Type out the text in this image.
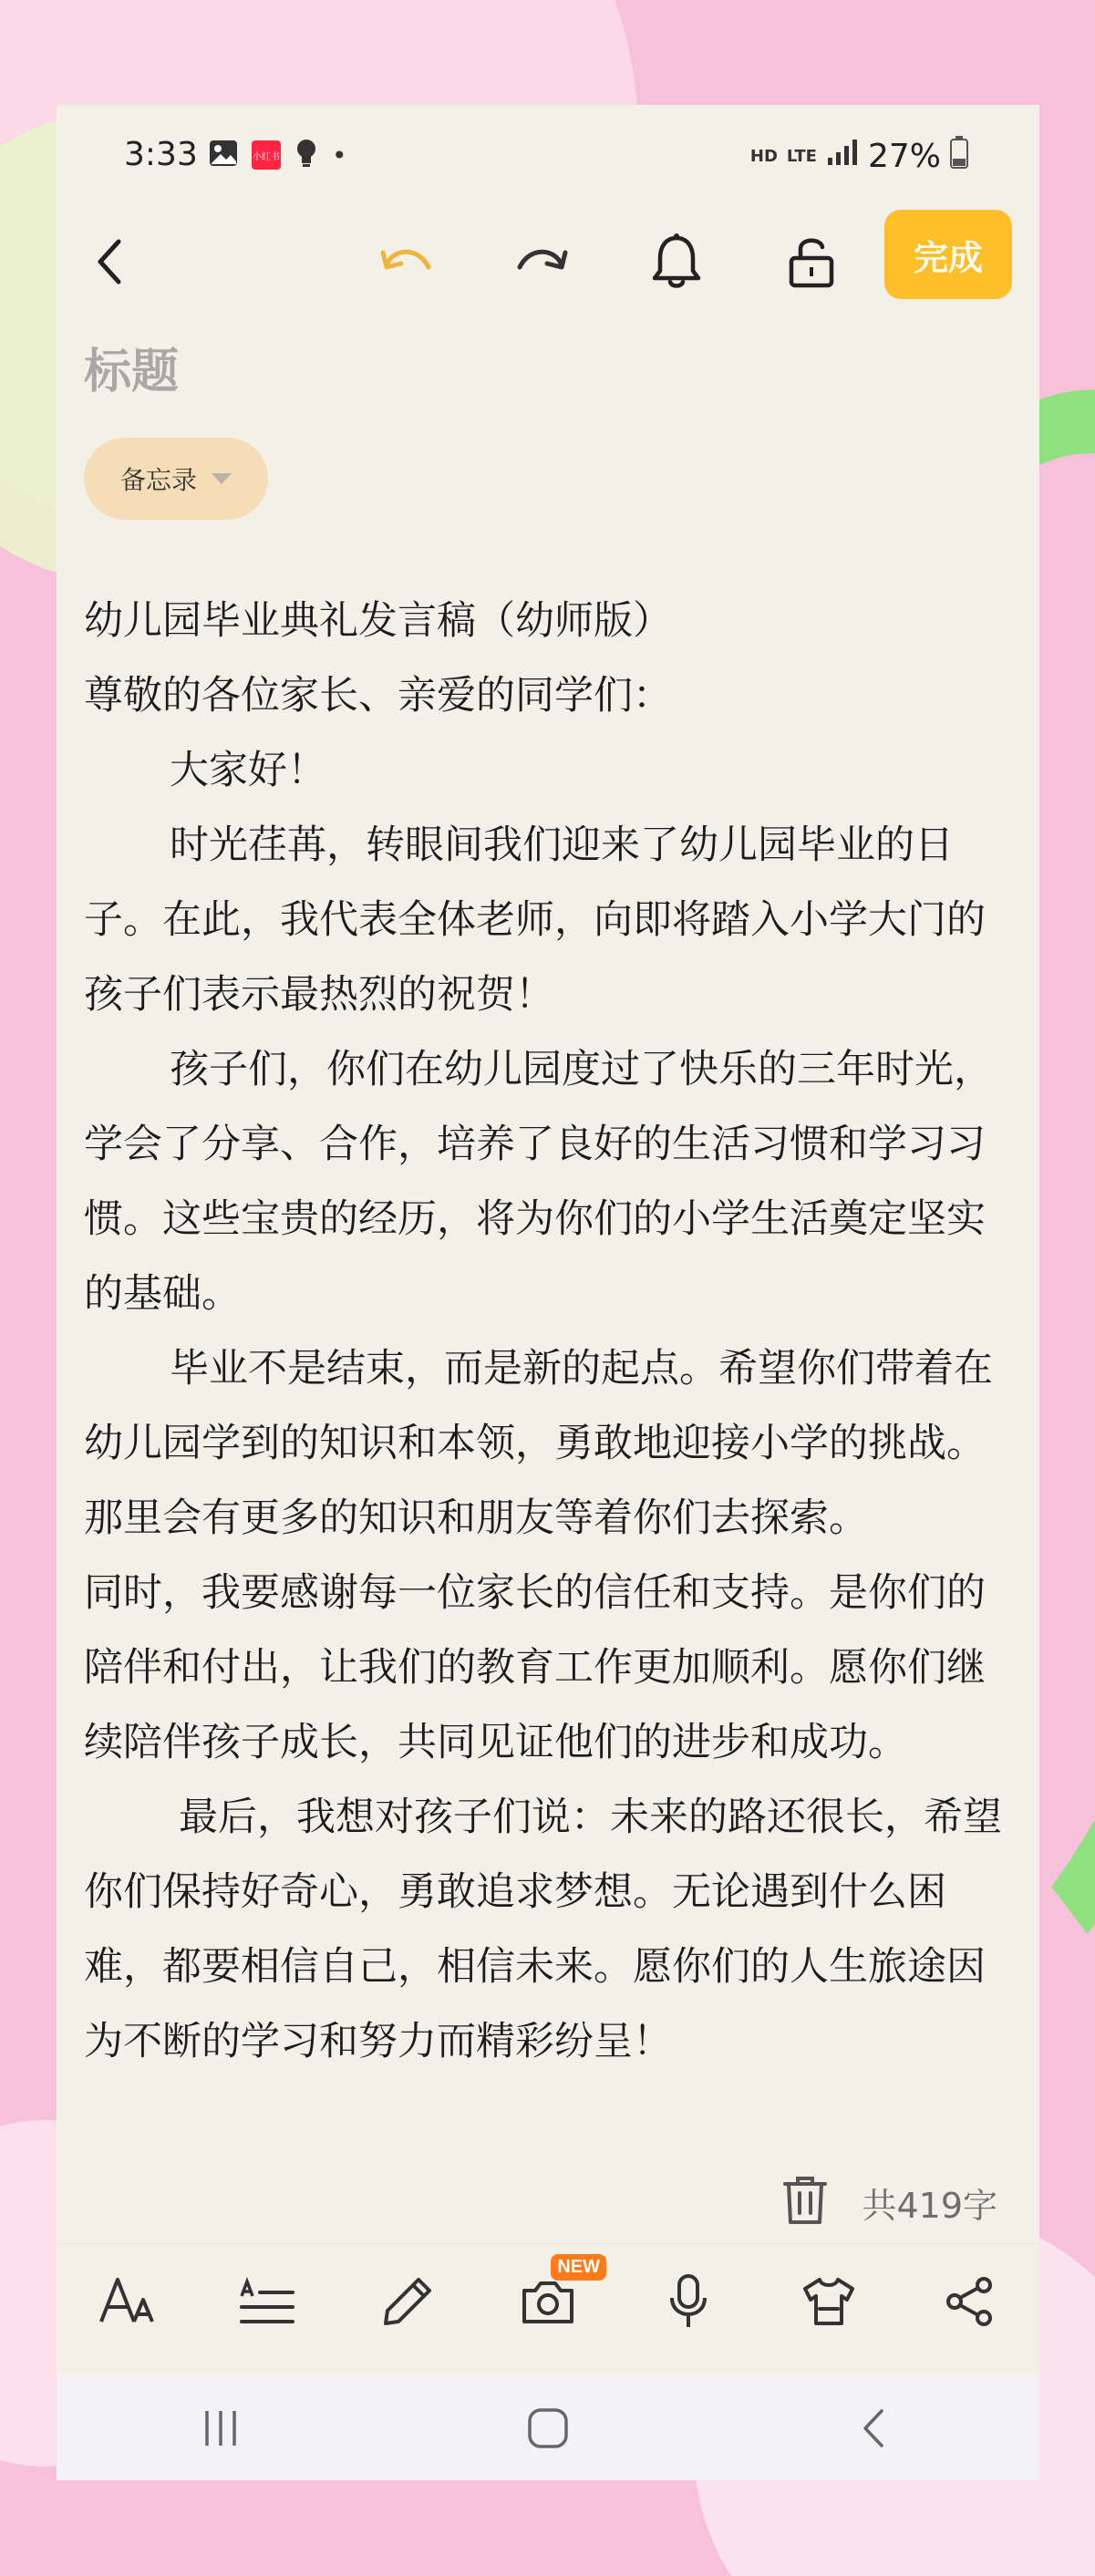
3:33	小红书 •	HD LTE 27%
完成
标题
备忘录

幼儿园毕业典礼发言稿（幼师版）

尊敬的各位家长、亲爱的同学们：

大家好！

时光荏苒，转眼间我们迎来了幼儿园毕业的日子。在此，我代表全体老师，向即将踏入小学大门的孩子们表示最热烈的祝贺！

孩子们，你们在幼儿园度过了快乐的三年时光，学会了分享、合作，培养了良好的生活习惯和学习习惯。这些宝贵的经历，将为你们的小学生活奠定坚实的基础。

毕业不是结束，而是新的起点。希望你们带着在幼儿园学到的知识和本领，勇敢地迎接小学的挑战。那里会有更多的知识和朋友等着你们去探索。

同时，我要感谢每一位家长的信任和支持。是你们的陪伴和付出，让我们的教育工作更加顺利。愿你们继续陪伴孩子成长，共同见证他们的进步和成功。

最后，我想对孩子们说：未来的路还很长，希望你们保持好奇心，勇敢追求梦想。无论遇到什么困难，都要相信自己，相信未来。愿你们的人生旅途因为不断的学习和努力而精彩纷呈！

共419字
NEW
